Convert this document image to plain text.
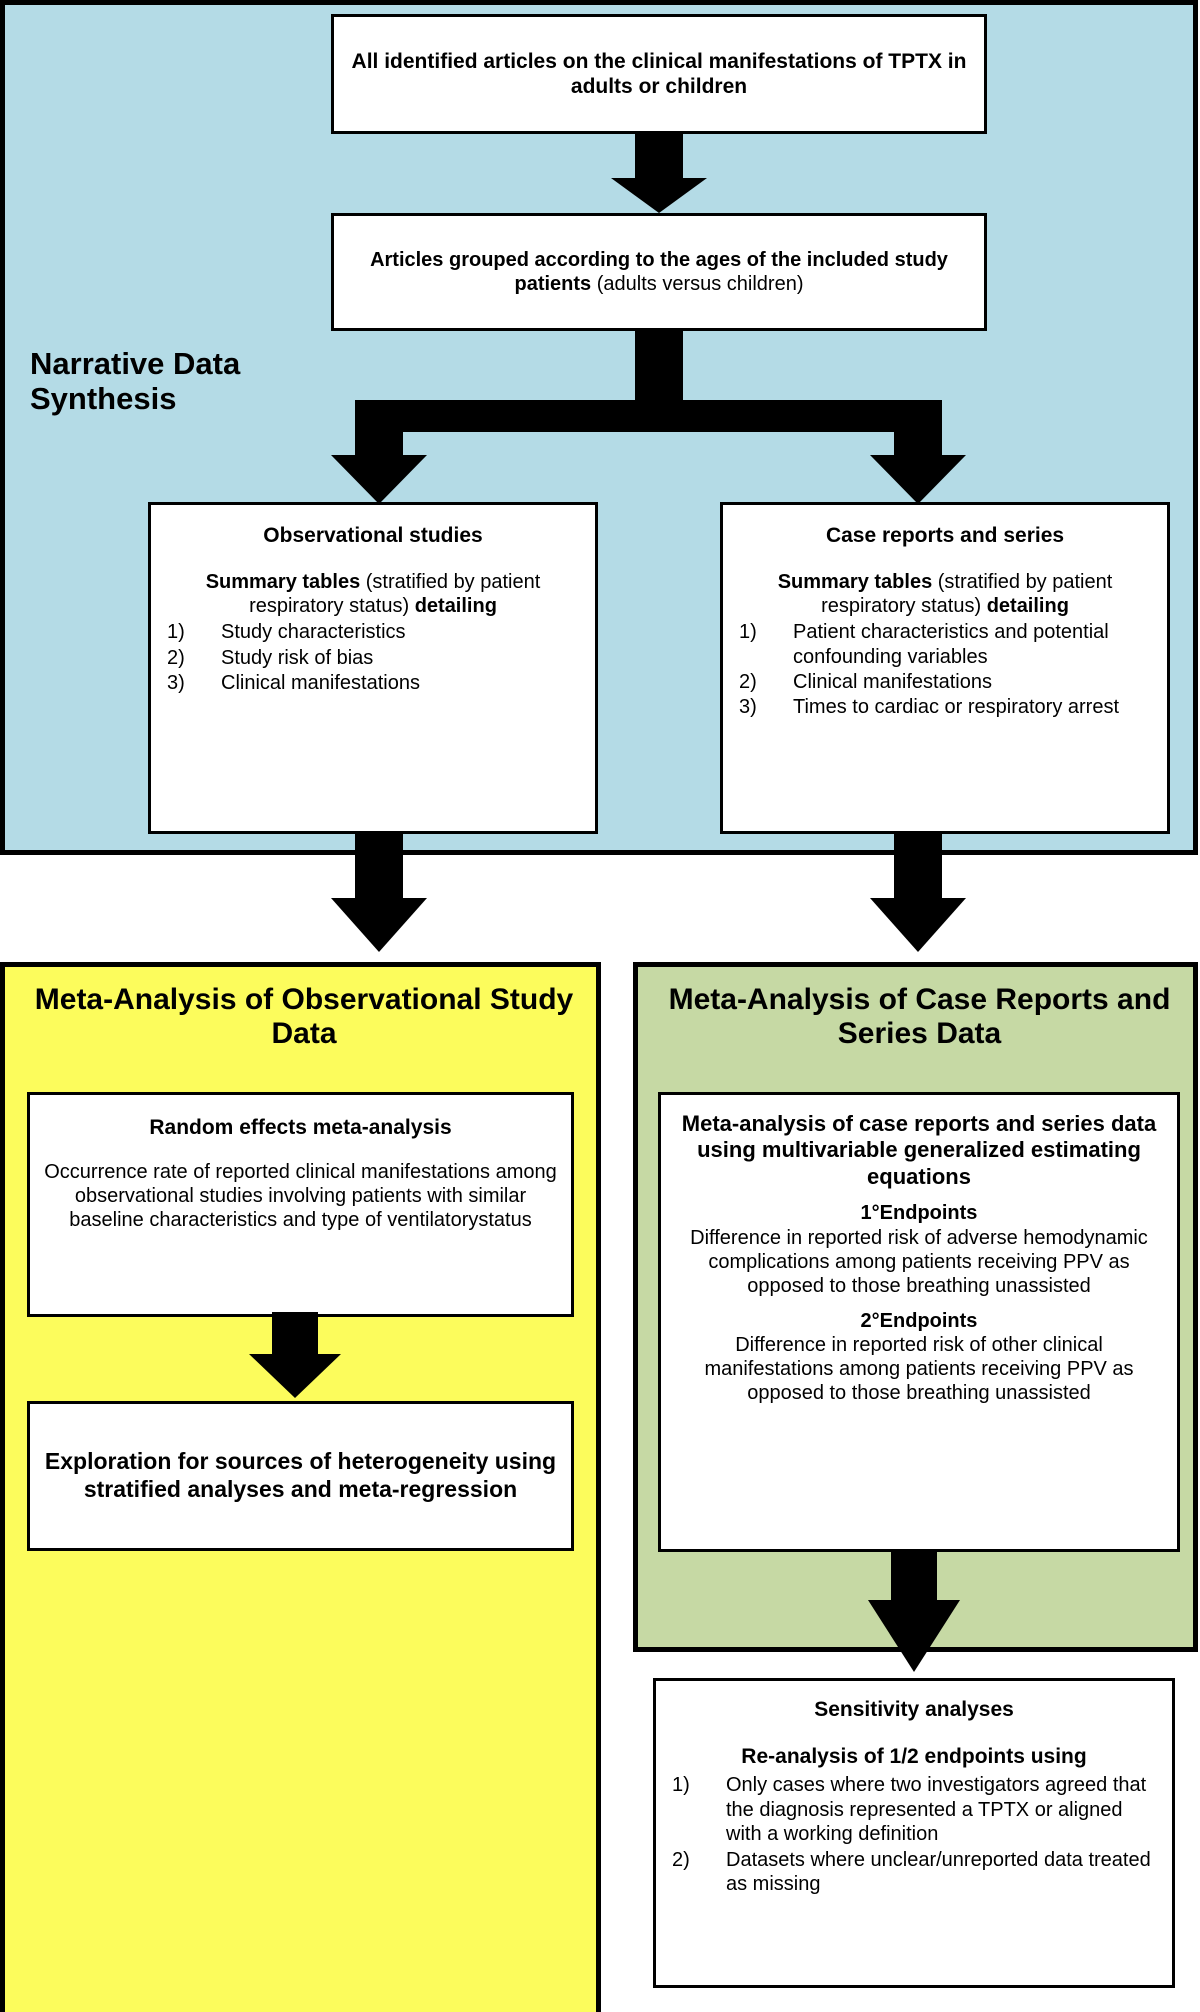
Narrative Data Synthesis
All identified articles on the clinical manifestations of TPTX in adults or children
Articles grouped according to the ages of the included study patients (adults versus children)
Observational studies
Summary tables (stratified by patient respiratory status) detailing
1) Study characteristics
2) Study risk of bias
3) Clinical manifestations
Case reports and series
Summary tables (stratified by patient respiratory status) detailing
1) Patient characteristics and potential confounding variables
2) Clinical manifestations
3) Times to cardiac or respiratory arrest
Meta-Analysis of Observational Study Data
Random effects meta-analysis
Occurrence rate of reported clinical manifestations among observational studies involving patients with similar baseline characteristics and type of ventilatorystatus
Exploration for sources of heterogeneity using stratified analyses and meta-regression
Meta-Analysis of Case Reports and Series Data
Meta-analysis of case reports and series data using multivariable generalized estimating equations
1°Endpoints
Difference in reported risk of adverse hemodynamic complications among patients receiving PPV as opposed to those breathing unassisted
2°Endpoints
Difference in reported risk of other clinical manifestations among patients receiving PPV as opposed to those breathing unassisted
Sensitivity analyses
Re-analysis of 1/2 endpoints using
1) Only cases where two investigators agreed that the diagnosis represented a TPTX or aligned with a working definition
2) Datasets where unclear/unreported data treated as missing
